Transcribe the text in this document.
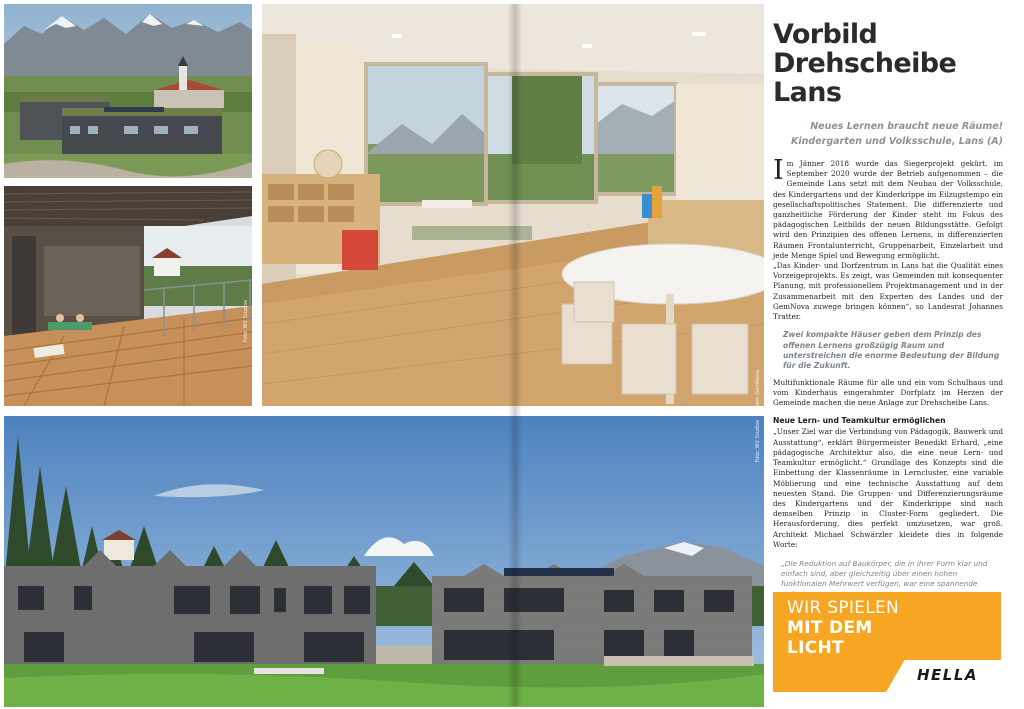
Foto: WV Studios
Foto: GemNova
Foto: WV Studios
Vorbild
Drehscheibe Lans
Neues Lernen braucht neue Räume!
Kindergarten und Volksschule, Lans (A)

Im Jänner 2018 wurde das Siegerprojekt gekürt, im September 2020 wurde der Betrieb aufgenommen – die Gemeinde Lans setzt mit dem Neubau der Volksschule, des Kindergartens und der Kinderkrippe im Eilzugstempo ein gesellschaftspolitisches Statement. Die differenzierte und ganzheitliche Förderung der Kinder steht im Fokus des pädagogischen Leitbilds der neuen Bildungsstätte. Gefolgt wird den Prinzipien des offenen Lernens, in differenzierten Räumen Frontalunterricht, Gruppenarbeit, Einzelarbeit und jede Menge Spiel und Bewegung ermöglicht.

„Das Kinder- und Dorfzentrum in Lans hat die Qualität eines Vorzeigeprojekts. Es zeigt, was Gemeinden mit konsequenter Planung, mit professionellem Projektmanagement und in der Zusammenarbeit mit den Experten des Landes und der GemNova zuwege bringen können“, so Landesrat Johannes Tratter.

Zwei kompakte Häuser geben dem Prinzip des offenen Lernens großzügig Raum und unterstreichen die enorme Bedeutung der Bildung für die Zukunft.

Multifunktionale Räume für alle und ein vom Schulhaus und vom Kinderhaus eingerahmter Dorfplatz im Herzen der Gemeinde machen die neue Anlage zur Drehscheibe Lans.

Neue Lern- und Teamkultur ermöglichen

„Unser Ziel war die Verbindung von Pädagogik, Bauwerk und Ausstattung“, erklärt Bürgermeister Benedikt Erhard, „eine pädagogische Architektur also, die eine neue Lern- und Teamkultur ermöglicht.“ Grundlage des Konzepts sind die Einbettung der Klassenräume in Lerncluster, eine variable Möblierung und eine technische Ausstattung auf dem neuesten Stand. Die Gruppen- und Differenzierungsräume des Kindergartens und der Kinderkrippe sind nach demselben Prinzip in Cluster-Form gegliedert. Die Herausforderung, dies perfekt umzusetzen, war groß. Architekt Michael Schwärzler kleidete dies in folgende Worte:

„Die Reduktion auf Baukörper, die in ihrer Form klar und einfach sind, aber gleichzeitig über einen hohen funktionalen Mehrwert verfügen, war eine spannende

WIR SPIELEN
MIT DEM
LICHT
HELLA
